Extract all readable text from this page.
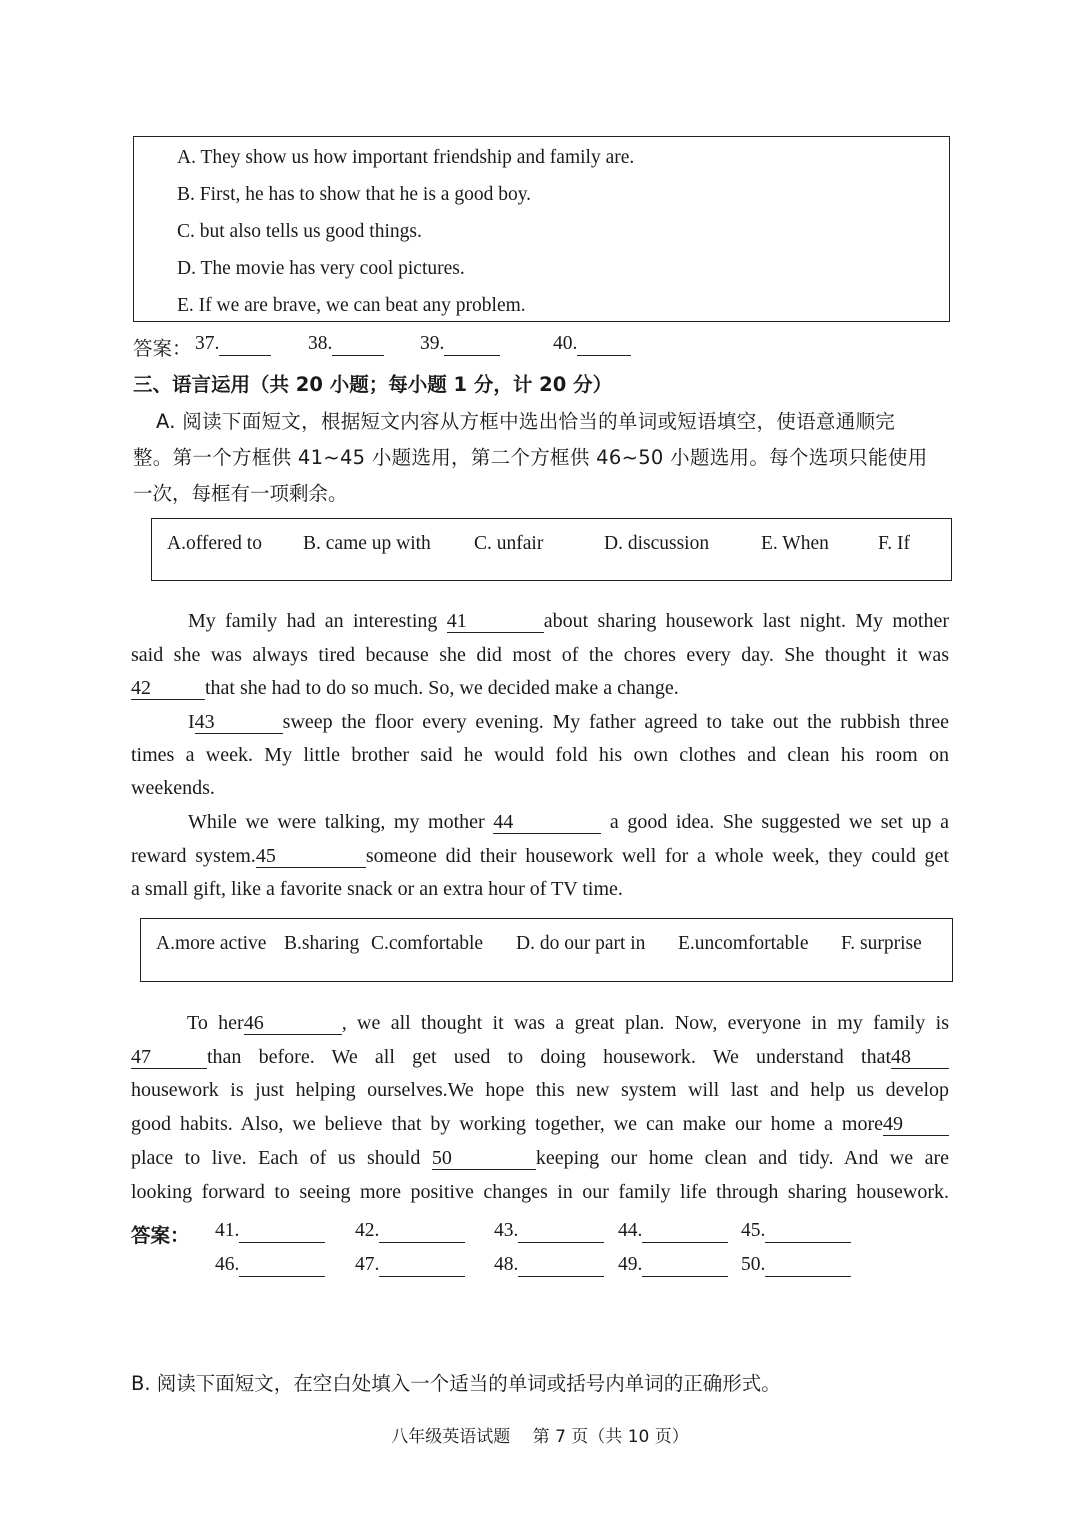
A. They show us how important friendship and family are.
B. First, he has to show that he is a good boy.
C. but also tells us good things.
D. The movie has very cool pictures.
E. If we are brave, we can beat any problem.
答案： 37.	38.	39.	40.
三、语言运用（共 20 小题；每小题 1 分，计 20 分）
A. 阅读下面短文，根据短文内容从方框中选出恰当的单词或短语填空，使语意通顺完
整。第一个方框供 41~45 小题选用，第二个方框供 46~50 小题选用。每个选项只能使用
一次，每框有一项剩余。
A.offered to B. came up with C. unfair	D. discussion	E. When	F. If
My family had an interesting 41	about sharing housework last night. My mother
said she was always tired because she did most of the chores every day. She thought it was
42	that she had to do so much. So, we decided make a change.
I43	sweep the floor every evening. My father agreed to take out the rubbish three
times a week. My little brother said he would fold his own clothes and clean his room on
weekends.
While we were talking, my mother 44	a good idea. She suggested we set up a
reward system.45	someone did their housework well for a whole week, they could get
a small gift, like a favorite snack or an extra hour of TV time.
A.more active B.sharing C.comfortable D. do our part in E.uncomfortable F. surprise
To her46	, we all thought it was a great plan. Now, everyone in my family is
47	than before. We all get used to doing housework. We understand that48
housework is just helping ourselves.We hope this new system will last and help us develop
good habits. Also, we believe that by working together, we can make our home a more49
place to live. Each of us should 50	keeping our home clean and tidy. And we are
looking forward to seeing more positive changes in our family life through sharing housework.
答案： 41.	42.	43.	44.	45.
46.	47.	48.	49.	50.
B. 阅读下面短文，在空白处填入一个适当的单词或括号内单词的正确形式。
八年级英语试题　 第 7 页（共 10 页）
